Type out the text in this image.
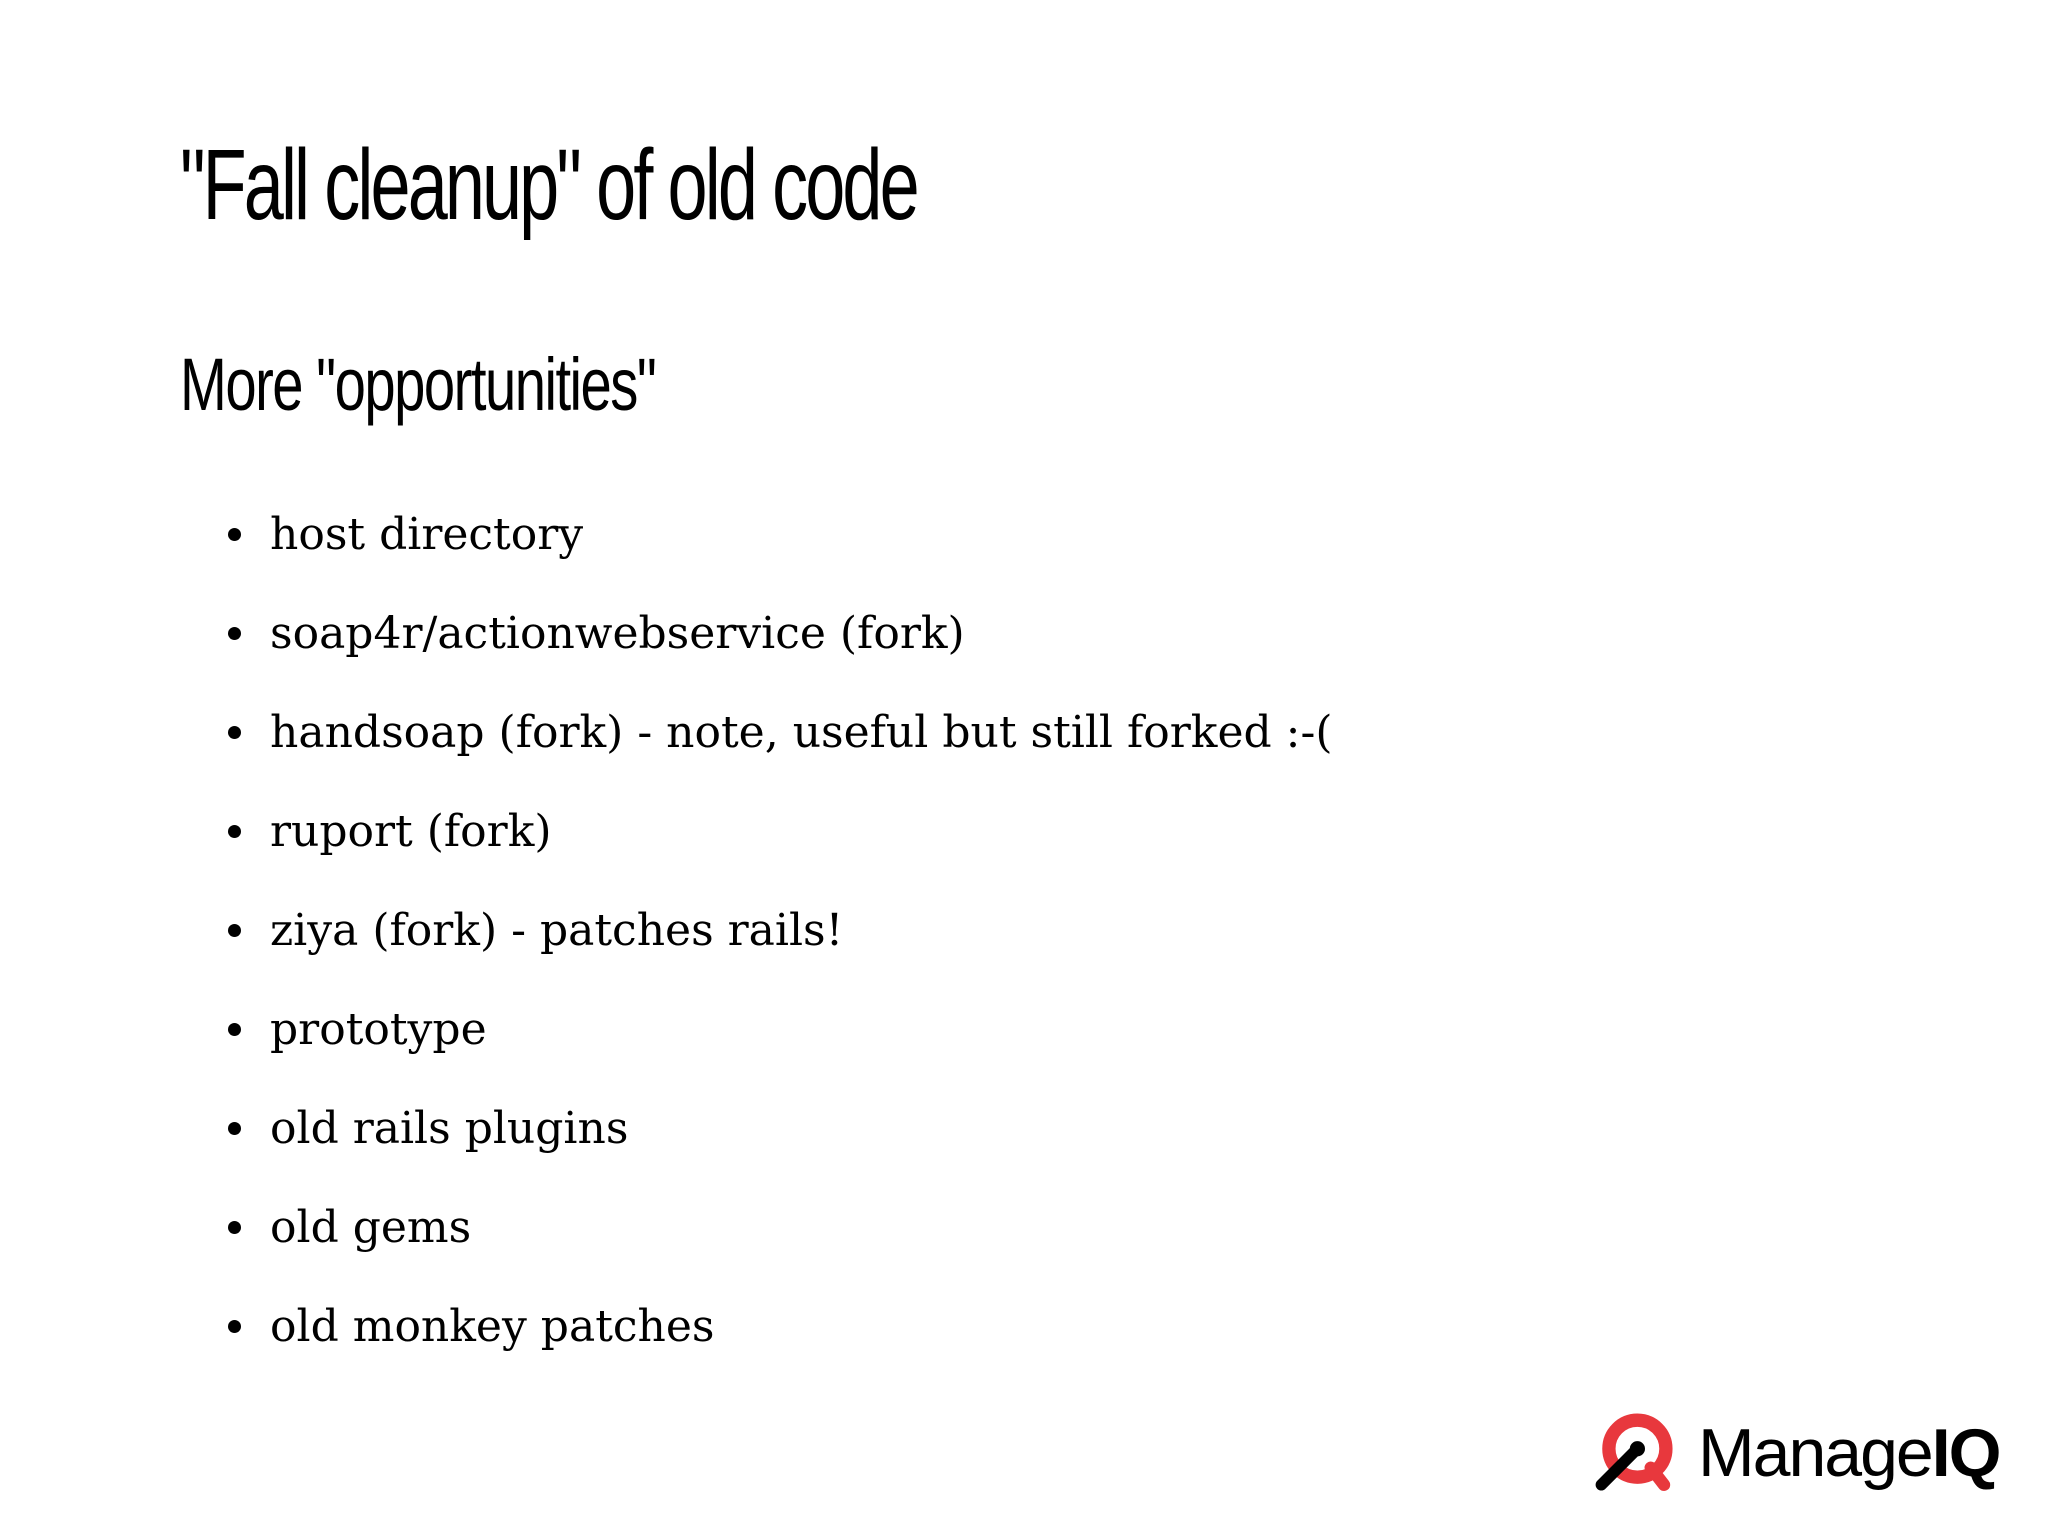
"Fall cleanup" of old code
More "opportunities"
host directory
soap4r/actionwebservice (fork)
handsoap (fork) - note, useful but still forked :-(
ruport (fork)
ziya (fork) - patches rails!
prototype
old rails plugins
old gems
old monkey patches
ManageIQ
